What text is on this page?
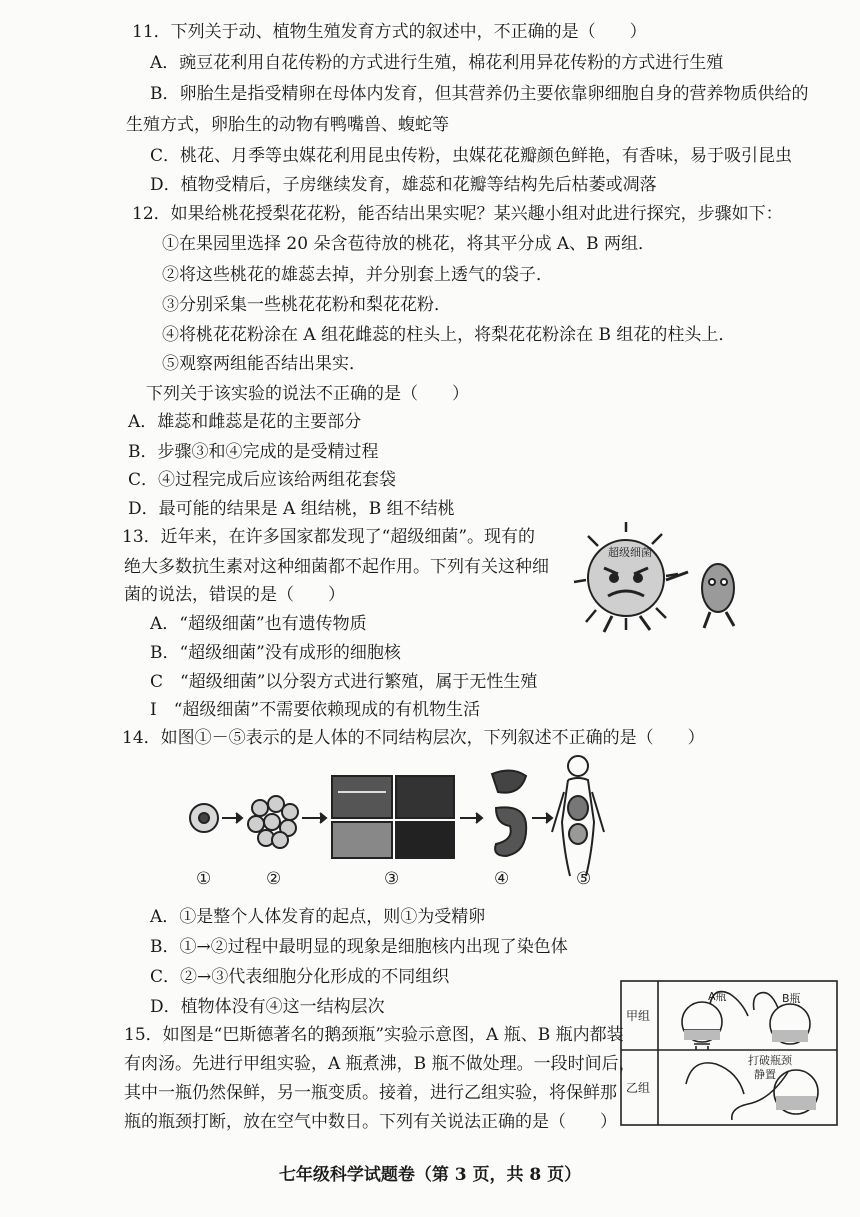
11．下列关于动、植物生殖发育方式的叙述中，不正确的是（　　）
A．豌豆花利用自花传粉的方式进行生殖，棉花利用异花传粉的方式进行生殖
B．卵胎生是指受精卵在母体内发育，但其营养仍主要依靠卵细胞自身的营养物质供给的
生殖方式，卵胎生的动物有鸭嘴兽、蝮蛇等
C．桃花、月季等虫媒花利用昆虫传粉，虫媒花花瓣颜色鲜艳，有香味，易于吸引昆虫
D．植物受精后，子房继续发育，雄蕊和花瓣等结构先后枯萎或凋落
12．如果给桃花授梨花花粉，能否结出果实呢？某兴趣小组对此进行探究，步骤如下：
①在果园里选择 20 朵含苞待放的桃花，将其平分成 A、B 两组．
②将这些桃花的雄蕊去掉，并分别套上透气的袋子．
③分别采集一些桃花花粉和梨花花粉．
④将桃花花粉涂在 A 组花雌蕊的柱头上，将梨花花粉涂在 B 组花的柱头上．
⑤观察两组能否结出果实．
下列关于该实验的说法不正确的是（　　）
A．雄蕊和雌蕊是花的主要部分
B．步骤③和④完成的是受精过程
C．④过程完成后应该给两组花套袋
D．最可能的结果是 A 组结桃，B 组不结桃
13．近年来，在许多国家都发现了“超级细菌”。现有的
绝大多数抗生素对这种细菌都不起作用。下列有关这种细
菌的说法，错误的是（　　）
A．“超级细菌”也有遗传物质
B．“超级细菌”没有成形的细胞核
C　“超级细菌”以分裂方式进行繁殖，属于无性生殖
I　“超级细菌”不需要依赖现成的有机物生活
超级细菌
14．如图①－⑤表示的是人体的不同结构层次，下列叙述不正确的是（　　）
①	②	③	④	⑤
A．①是整个人体发育的起点，则①为受精卵
B．①→②过程中最明显的现象是细胞核内出现了染色体
C．②→③代表细胞分化形成的不同组织
D．植物体没有④这一结构层次
15．如图是“巴斯德著名的鹅颈瓶”实验示意图，A 瓶、B 瓶内都装
有肉汤。先进行甲组实验，A 瓶煮沸，B 瓶不做处理。一段时间后，
其中一瓶仍然保鲜，另一瓶变质。接着，进行乙组实验，将保鲜那
瓶的瓶颈打断，放在空气中数日。下列有关说法正确的是（　　）
甲组
乙组
A瓶	B瓶
打破瓶颈
静置
七年级科学试题卷（第 3 页，共 8 页）
